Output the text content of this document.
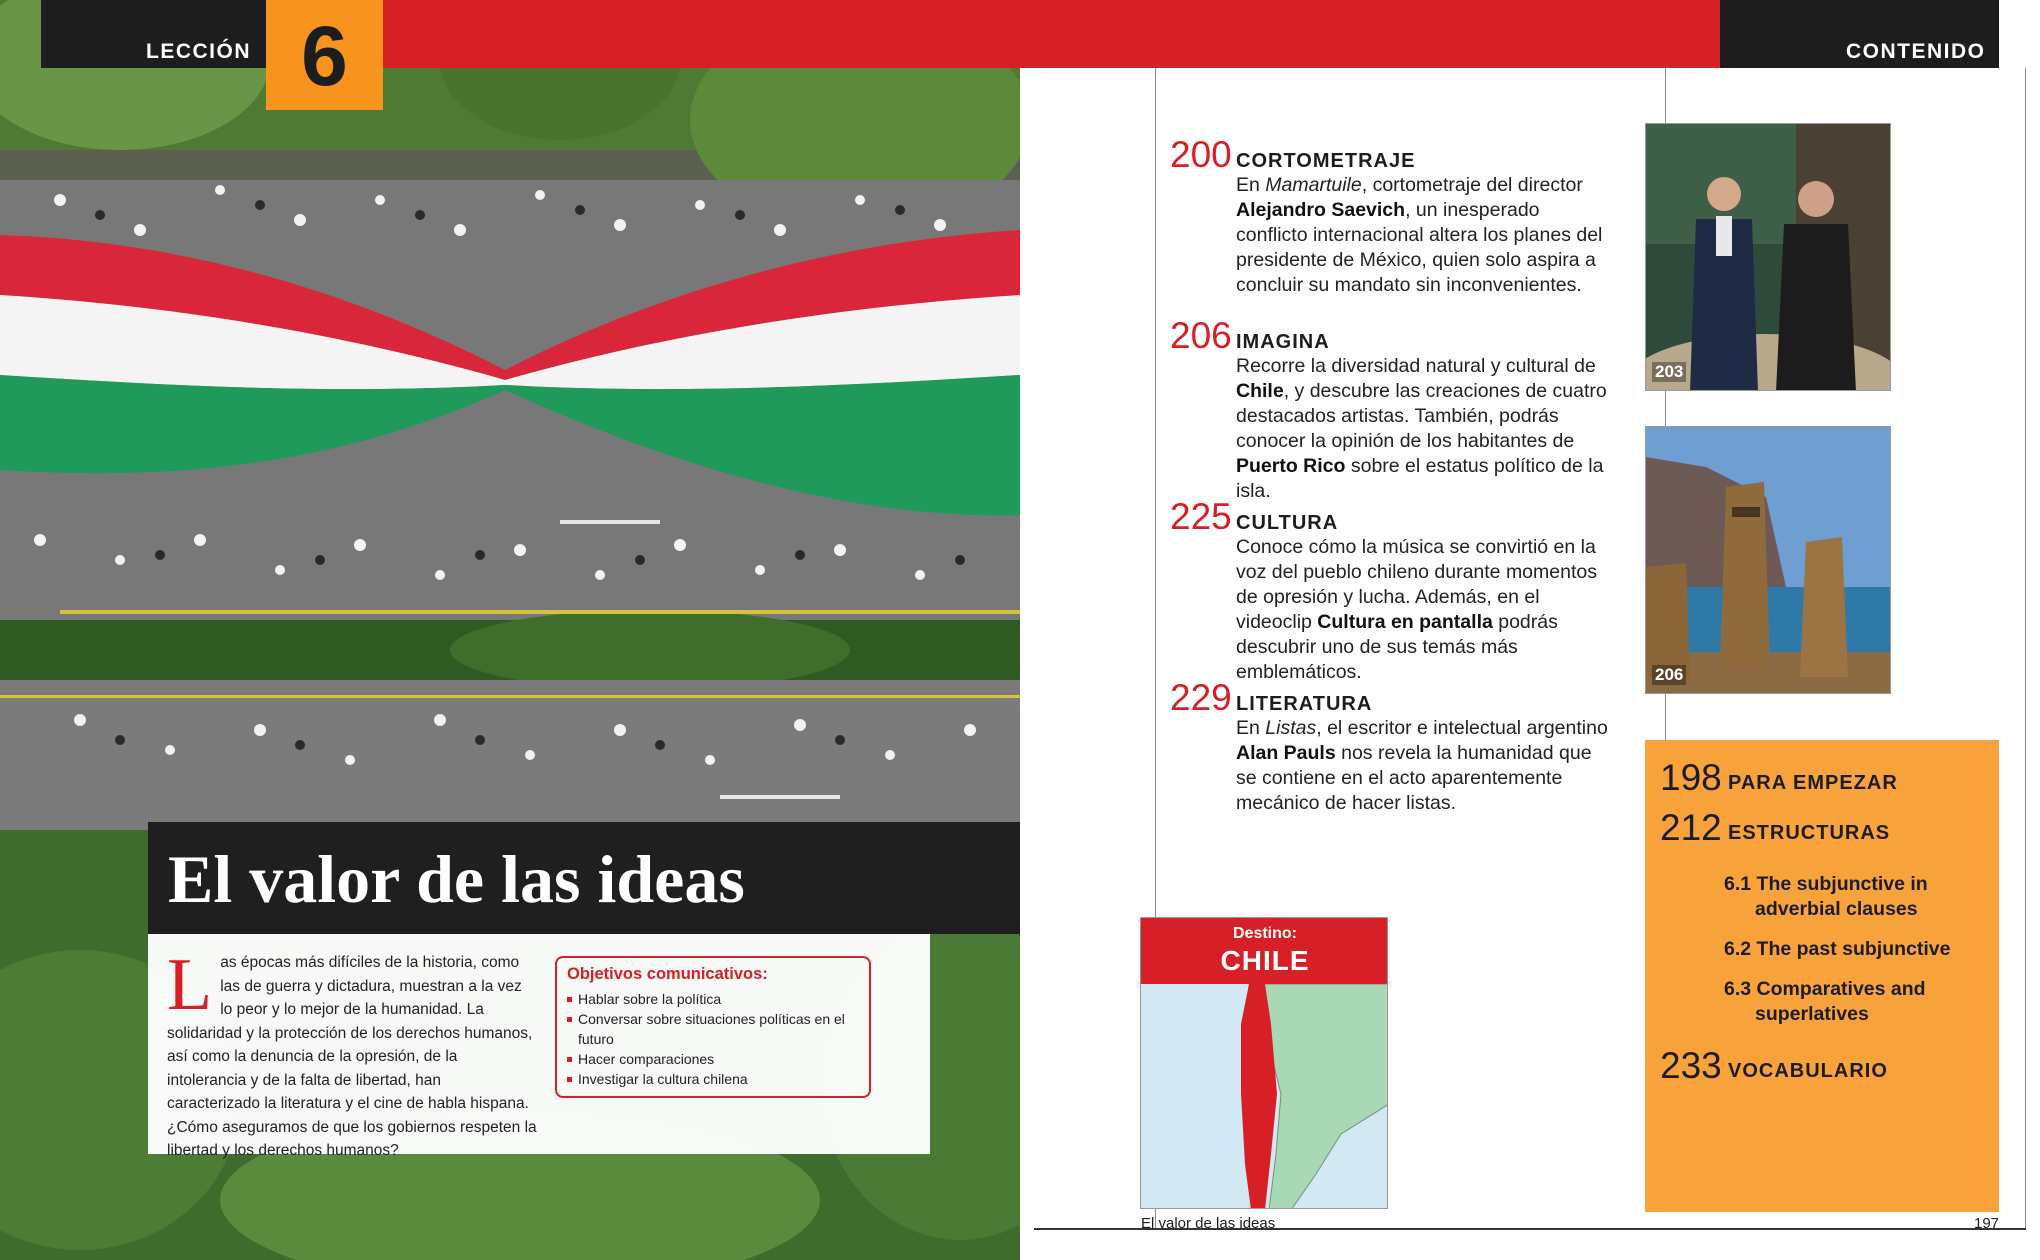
El valor de las ideas
Las épocas más difíciles de la historia, como las de guerra y dictadura, muestran a la vez lo peor y lo mejor de la humanidad. La solidaridad y la protección de los derechos humanos, así como la denuncia de la opresión, de la intolerancia y de la falta de libertad, han caracterizado la literatura y el cine de habla hispana. ¿Cómo aseguramos de que los gobiernos respeten la libertad y los derechos humanos?
Objetivos comunicativos:
Hablar sobre la política
Conversar sobre situaciones políticas en el futuro
Hacer comparaciones
Investigar la cultura chilena
LECCIÓN 6	CONTENIDO
200 CORTOMETRAJE
En Mamartuile, cortometraje del director Alejandro Saevich, un inesperado conflicto internacional altera los planes del presidente de México, quien solo aspira a concluir su mandato sin inconvenientes.
206 IMAGINA
Recorre la diversidad natural y cultural de Chile, y descubre las creaciones de cuatro destacados artistas. También, podrás conocer la opinión de los habitantes de Puerto Rico sobre el estatus político de la isla.
225 CULTURA
Conoce cómo la música se convirtió en la voz del pueblo chileno durante momentos de opresión y lucha. Además, en el videoclip Cultura en pantalla podrás descubrir uno de sus temás más emblemáticos.
229 LITERATURA
En Listas, el escritor e intelectual argentino Alan Pauls nos revela la humanidad que se contiene en el acto aparentemente mecánico de hacer listas.
203
206
Destino:
CHILE
198 PARA EMPEZAR
212 ESTRUCTURAS
233 VOCABULARIO
6.1 The subjunctive in
adverbial clauses
6.2 The past subjunctive
6.3 Comparatives and
superlatives
El valor de las ideas	197
